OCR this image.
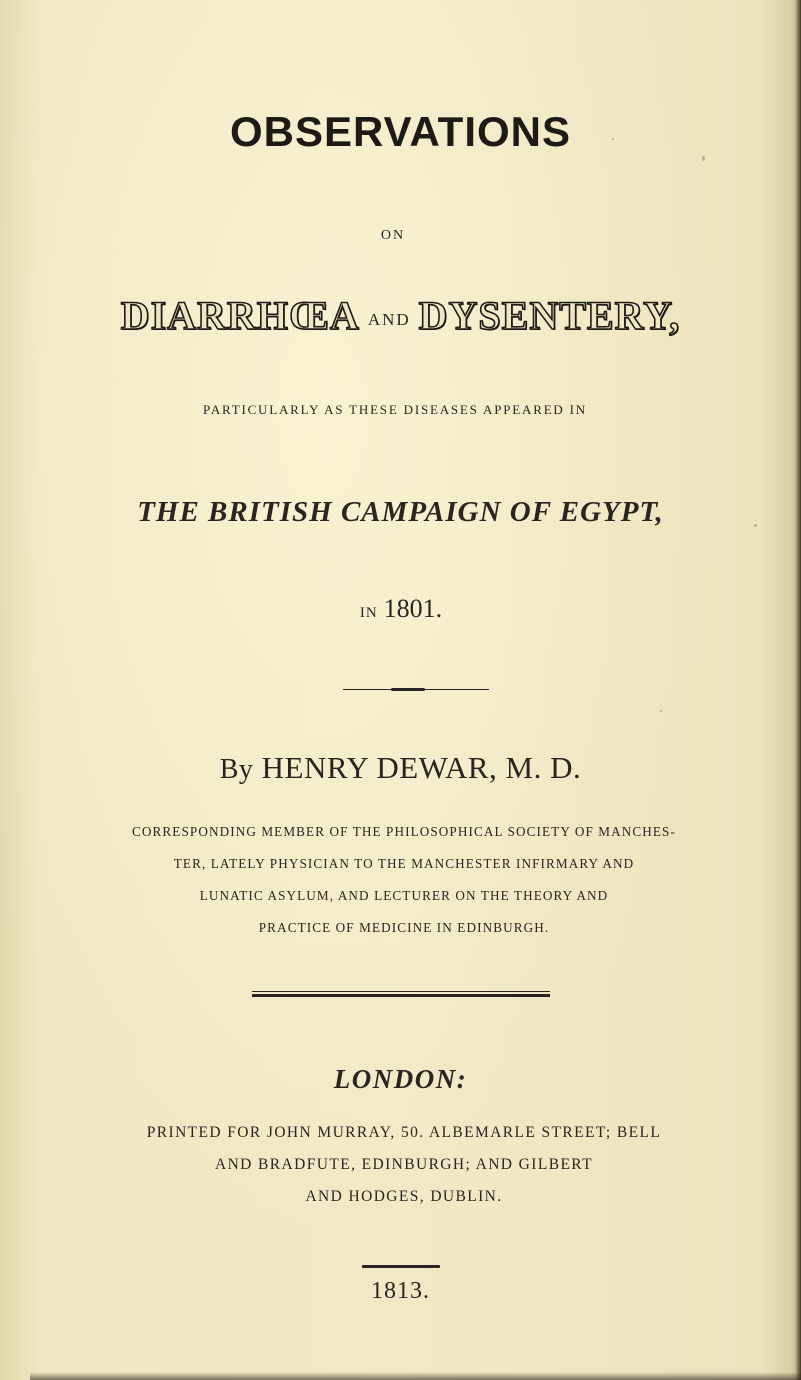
OBSERVATIONS
ON
DIARRHŒA AND DYSENTERY,
PARTICULARLY AS THESE DISEASES APPEARED IN
THE BRITISH CAMPAIGN OF EGYPT,
IN 1801.
By HENRY DEWAR, M. D.
CORRESPONDING MEMBER OF THE PHILOSOPHICAL SOCIETY OF MANCHES-
TER, LATELY PHYSICIAN TO THE MANCHESTER INFIRMARY AND
LUNATIC ASYLUM, AND LECTURER ON THE THEORY AND
PRACTICE OF MEDICINE IN EDINBURGH.
LONDON:
PRINTED FOR JOHN MURRAY, 50. ALBEMARLE STREET; BELL
AND BRADFUTE, EDINBURGH; AND GILBERT
AND HODGES, DUBLIN.
1813.
